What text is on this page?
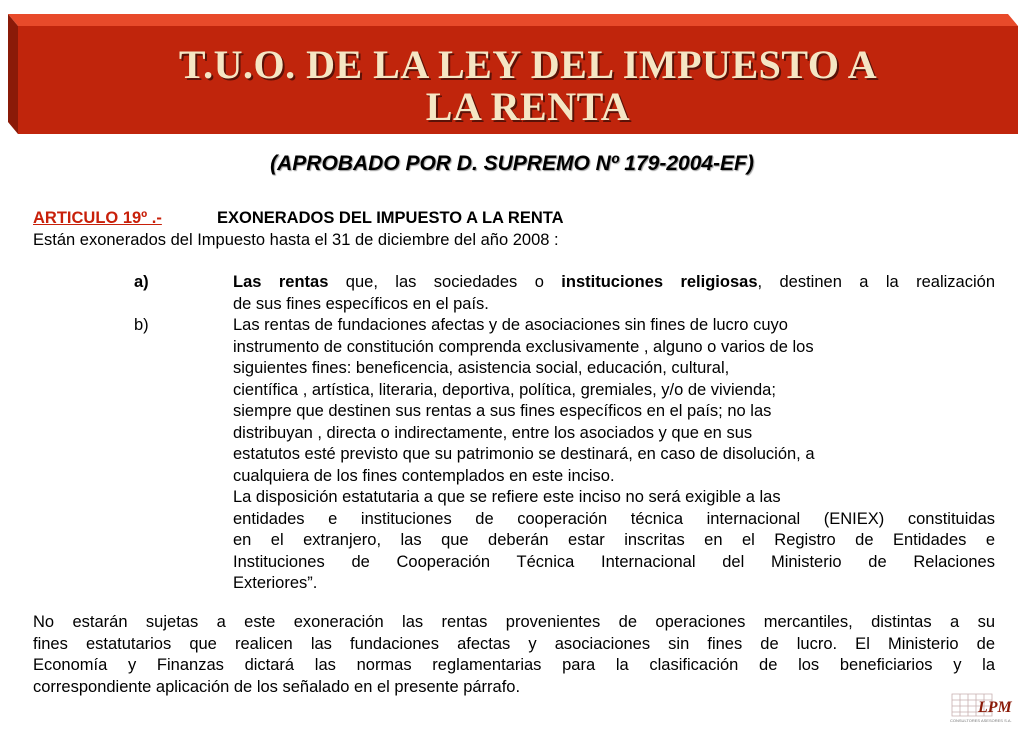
T.U.O. DE LA LEY DEL IMPUESTO A
LA RENTA
(APROBADO POR D. SUPREMO Nº 179-2004-EF)
ARTICULO 19º .-	EXONERADOS DEL IMPUESTO A LA RENTA
Están exonerados del Impuesto hasta el 31 de diciembre del año 2008 :
a)	Las rentas que, las sociedades o instituciones religiosas, destinen a la realización
de sus fines específicos en el país.
b)	Las rentas de fundaciones afectas y de asociaciones sin fines de lucro cuyo
instrumento de constitución comprenda exclusivamente , alguno o varios de los
siguientes fines: beneficencia, asistencia social, educación, cultural,
científica , artística, literaria, deportiva, política, gremiales, y/o de vivienda;
siempre que destinen sus rentas a sus fines específicos en el país; no las
distribuyan , directa o indirectamente, entre los asociados y que en sus
estatutos esté previsto que su patrimonio se destinará, en caso de disolución, a
cualquiera de los fines contemplados en este inciso.
La disposición estatutaria a que se refiere este inciso no será exigible a las
entidades e instituciones de cooperación técnica internacional (ENIEX) constituidas
en el extranjero, las que deberán estar inscritas en el Registro de Entidades e
Instituciones de Cooperación Técnica Internacional del Ministerio de Relaciones
Exteriores”.
No estarán sujetas a este exoneración las rentas provenientes de operaciones mercantiles, distintas a su
fines estatutarios que realicen las fundaciones afectas y asociaciones sin fines de lucro. El Ministerio de
Economía y Finanzas dictará las normas reglamentarias para la clasificación de los beneficiarios y la
correspondiente aplicación de los señalado en el presente párrafo.
LPM
CONSULTORES ASESORES S.A.
